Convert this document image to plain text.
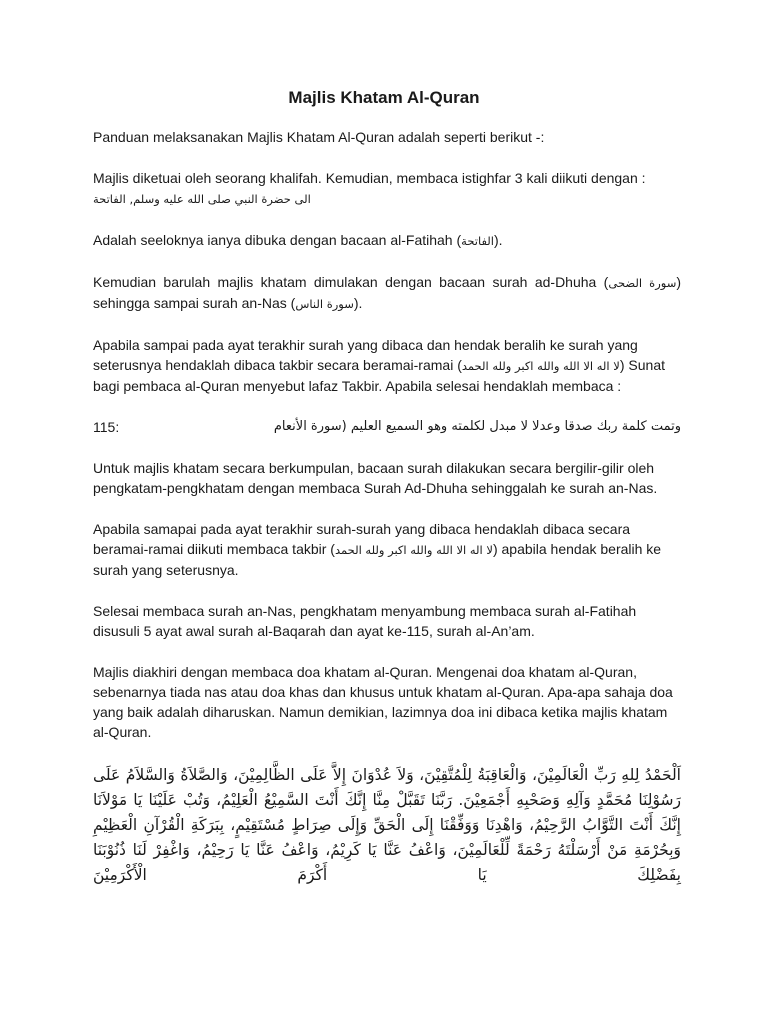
Majlis Khatam Al-Quran

Panduan melaksanakan Majlis Khatam Al-Quran adalah seperti berikut -:

Majlis diketuai oleh seorang khalifah. Kemudian, membaca istighfar 3 kali diikuti dengan :
الى حضرة النبي صلى الله عليه وسلم, الفاتحة

Adalah seeloknya ianya dibuka dengan bacaan al-Fatihah (الفاتحة).

Kemudian barulah majlis khatam dimulakan dengan bacaan surah ad-Dhuha (سورة الضحى) sehingga sampai surah an-Nas (سورة الناس).

Apabila sampai pada ayat terakhir surah yang dibaca dan hendak beralih ke surah yang seterusnya hendaklah dibaca takbir secara beramai-ramai (لا اله الا الله والله اكبر ولله الحمد) Sunat bagi pembaca al-Quran menyebut lafaz Takbir. Apabila selesai hendaklah membaca :

115:	وتمت كلمة ربك صدقا وعدلا لا مبدل لكلمته وهو السميع العليم (سورة الأنعام

Untuk majlis khatam secara berkumpulan, bacaan surah dilakukan secara bergilir-gilir oleh pengkatam-pengkhatam dengan membaca Surah Ad-Dhuha sehinggalah ke surah an-Nas.

Apabila samapai pada ayat terakhir surah-surah yang dibaca hendaklah dibaca secara beramai-ramai diikuti membaca takbir (لا اله الا الله والله اكبر ولله الحمد) apabila hendak beralih ke surah yang seterusnya.

Selesai membaca surah an-Nas, pengkhatam menyambung membaca surah al-Fatihah disusuli 5 ayat awal surah al-Baqarah dan ayat ke-115, surah al-An’am.

Majlis diakhiri dengan membaca doa khatam al-Quran. Mengenai doa khatam al-Quran, sebenarnya tiada nas atau doa khas dan khusus untuk khatam al-Quran. Apa-apa sahaja doa yang baik adalah diharuskan. Namun demikian, lazimnya doa ini dibaca ketika majlis khatam al-Quran.

اَلْحَمْدُ لِلهِ رَبِّ الْعَالَمِيْنَ، وَالْعَاقِبَةُ لِلْمُتَّقِيْنَ، وَلاَ عُدْوَانَ إِلاَّ عَلَى الظَّالِمِيْنَ، وَالصَّلاَةُ وَالسَّلاَمُ عَلَى رَسُوْلِنَا مُحَمَّدٍ وَآلِهِ وَصَحْبِهِ أَجْمَعِيْنَ. رَبَّنَا تَقَبَّلْ مِنَّا إِنَّكَ أَنْتَ السَّمِيْعُ الْعَلِيْمُ، وَتُبْ عَلَيْنَا يَا مَوْلاَنَا إِنَّكَ أَنْتَ التَّوَّابُ الرَّحِيْمُ، وَاهْدِنَا وَوَفِّقْنَا إِلَى الْحَقِّ وَإِلَى صِرَاطٍ مُسْتَقِيْمٍ، بِبَرَكَةِ الْقُرْآنِ الْعَظِيْمِ وَبِحُرْمَةِ مَنْ أَرْسَلْتَهُ رَحْمَةً لِّلْعَالَمِيْنَ، وَاعْفُ عَنَّا يَا كَرِيْمُ، وَاعْفُ عَنَّا يَا رَحِيْمُ، وَاغْفِرْ لَنَا ذُنُوْبَنَا بِفَضْلِكَ يَا أَكْرَمَ الْأَكْرَمِيْنَ
